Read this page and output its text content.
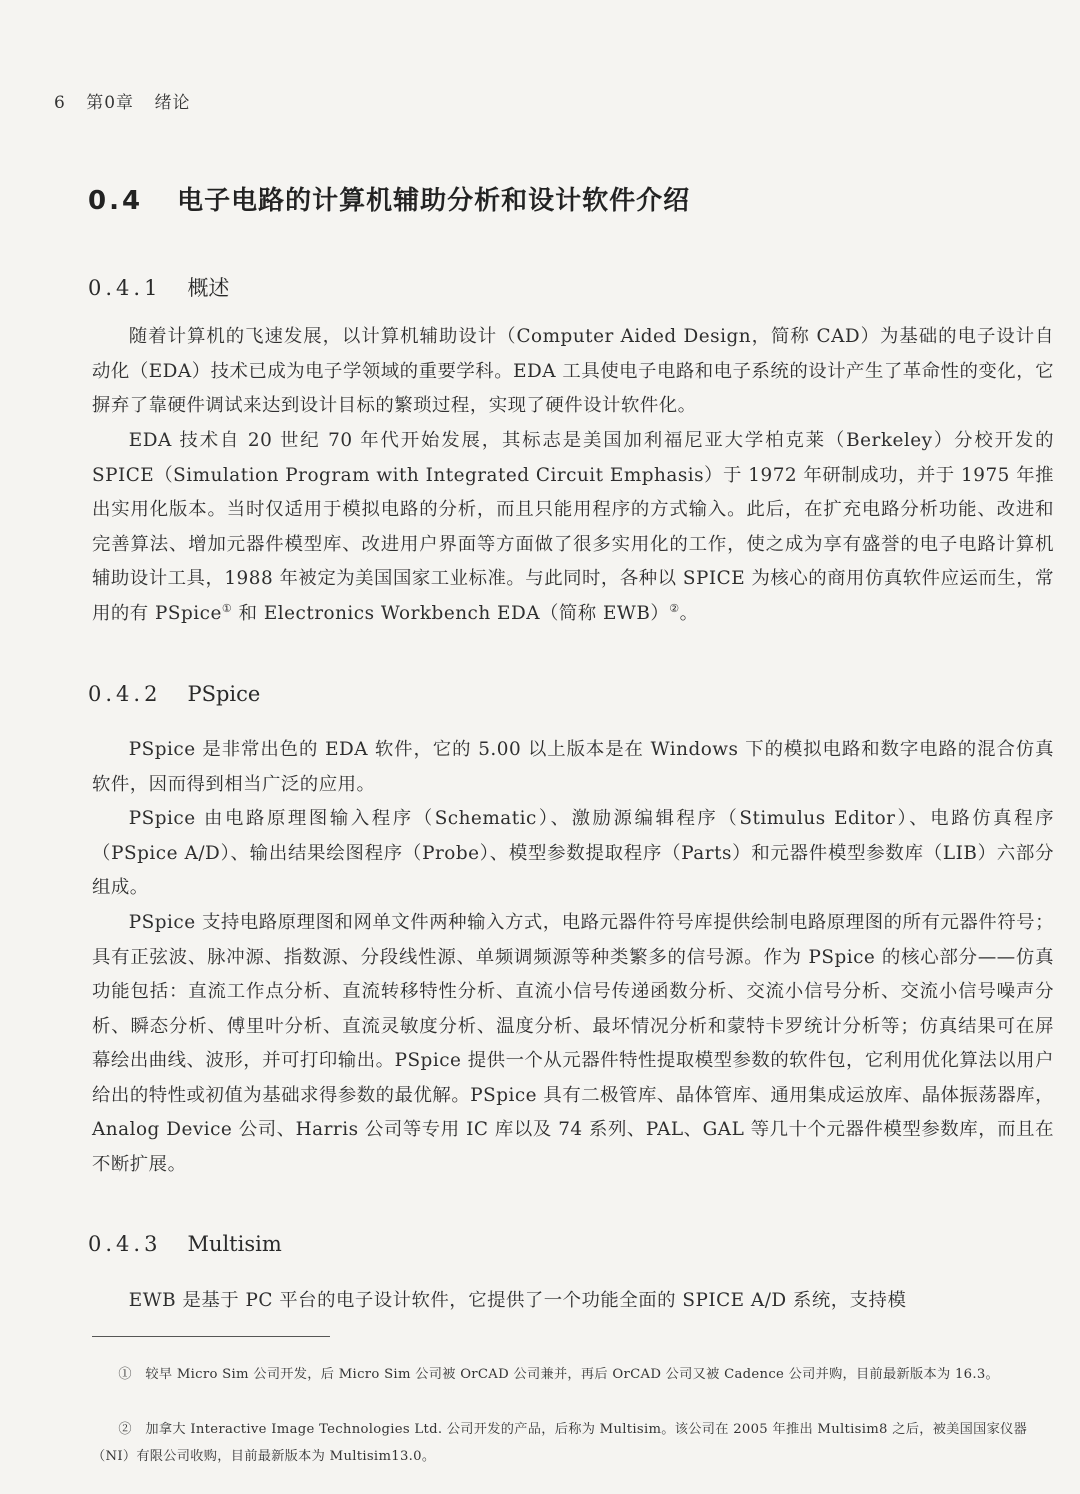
6 第0章 绪论
0.4 电子电路的计算机辅助分析和设计软件介绍
0.4.1 概述

随着计算机的飞速发展，以计算机辅助设计（Computer Aided Design，简称 CAD）为基础的电子设计自动化（EDA）技术已成为电子学领域的重要学科。EDA 工具使电子电路和电子系统的设计产生了革命性的变化，它摒弃了靠硬件调试来达到设计目标的繁琐过程，实现了硬件设计软件化。

EDA 技术自 20 世纪 70 年代开始发展，其标志是美国加利福尼亚大学柏克莱（Berkeley）分校开发的 SPICE（Simulation Program with Integrated Circuit Emphasis）于 1972 年研制成功，并于 1975 年推出实用化版本。当时仅适用于模拟电路的分析，而且只能用程序的方式输入。此后，在扩充电路分析功能、改进和完善算法、增加元器件模型库、改进用户界面等方面做了很多实用化的工作，使之成为享有盛誉的电子电路计算机辅助设计工具，1988 年被定为美国国家工业标准。与此同时，各种以 SPICE 为核心的商用仿真软件应运而生，常用的有 PSpice① 和 Electronics Workbench EDA（简称 EWB）②。

0.4.2 PSpice

PSpice 是非常出色的 EDA 软件，它的 5.00 以上版本是在 Windows 下的模拟电路和数字电路的混合仿真软件，因而得到相当广泛的应用。

PSpice 由电路原理图输入程序（Schematic）、激励源编辑程序（Stimulus Editor）、电路仿真程序（PSpice A/D）、输出结果绘图程序（Probe）、模型参数提取程序（Parts）和元器件模型参数库（LIB）六部分组成。

PSpice 支持电路原理图和网单文件两种输入方式，电路元器件符号库提供绘制电路原理图的所有元器件符号；具有正弦波、脉冲源、指数源、分段线性源、单频调频源等种类繁多的信号源。作为 PSpice 的核心部分——仿真功能包括：直流工作点分析、直流转移特性分析、直流小信号传递函数分析、交流小信号分析、交流小信号噪声分析、瞬态分析、傅里叶分析、直流灵敏度分析、温度分析、最坏情况分析和蒙特卡罗统计分析等；仿真结果可在屏幕绘出曲线、波形，并可打印输出。PSpice 提供一个从元器件特性提取模型参数的软件包，它利用优化算法以用户给出的特性或初值为基础求得参数的最优解。PSpice 具有二极管库、晶体管库、通用集成运放库、晶体振荡器库，Analog Device 公司、Harris 公司等专用 IC 库以及 74 系列、PAL、GAL 等几十个元器件模型参数库，而且在不断扩展。

0.4.3 Multisim

EWB 是基于 PC 平台的电子设计软件，它提供了一个功能全面的 SPICE A/D 系统，支持模

① 较早 Micro Sim 公司开发，后 Micro Sim 公司被 OrCAD 公司兼并，再后 OrCAD 公司又被 Cadence 公司并购，目前最新版本为 16.3。

② 加拿大 Interactive Image Technologies Ltd. 公司开发的产品，后称为 Multisim。该公司在 2005 年推出 Multisim8 之后，被美国国家仪器（NI）有限公司收购，目前最新版本为 Multisim13.0。
